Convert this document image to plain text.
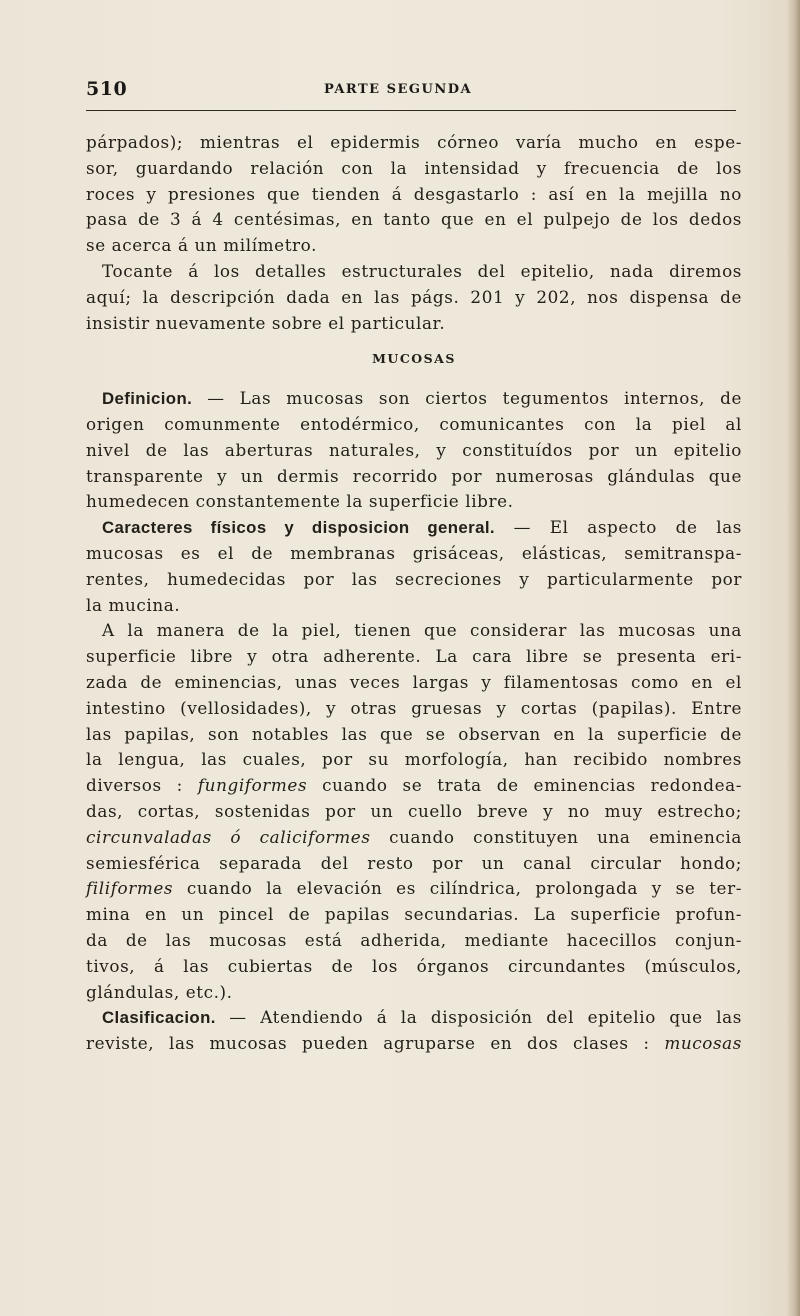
510	PARTE SEGUNDA
párpados); mientras el epidermis córneo varía mucho en espe-
sor, guardando relación con la intensidad y frecuencia de los
roces y presiones que tienden á desgastarlo : así en la mejilla no
pasa de 3 á 4 centésimas, en tanto que en el pulpejo de los dedos
se acerca á un milímetro.
Tocante á los detalles estructurales del epitelio, nada diremos
aquí; la descripción dada en las págs. 201 y 202, nos dispensa de
insistir nuevamente sobre el particular.
MUCOSAS
Definicion. — Las mucosas son ciertos tegumentos internos, de
origen comunmente entodérmico, comunicantes con la piel al
nivel de las aberturas naturales, y constituídos por un epitelio
transparente y un dermis recorrido por numerosas glándulas que
humedecen constantemente la superficie libre.
Caracteres físicos y disposicion general. — El aspecto de las
mucosas es el de membranas grisáceas, elásticas, semitranspa-
rentes, humedecidas por las secreciones y particularmente por
la mucina.
A la manera de la piel, tienen que considerar las mucosas una
superficie libre y otra adherente. La cara libre se presenta eri-
zada de eminencias, unas veces largas y filamentosas como en el
intestino (vellosidades), y otras gruesas y cortas (papilas). Entre
las papilas, son notables las que se observan en la superficie de
la lengua, las cuales, por su morfología, han recibido nombres
diversos : fungiformes cuando se trata de eminencias redondea-
das, cortas, sostenidas por un cuello breve y no muy estrecho;
circunvaladas ó caliciformes cuando constituyen una eminencia
semiesférica separada del resto por un canal circular hondo;
filiformes cuando la elevación es cilíndrica, prolongada y se ter-
mina en un pincel de papilas secundarias. La superficie profun-
da de las mucosas está adherida, mediante hacecillos conjun-
tivos, á las cubiertas de los órganos circundantes (músculos,
glándulas, etc.).
Clasificacion. — Atendiendo á la disposición del epitelio que las
reviste, las mucosas pueden agruparse en dos clases : mucosas
